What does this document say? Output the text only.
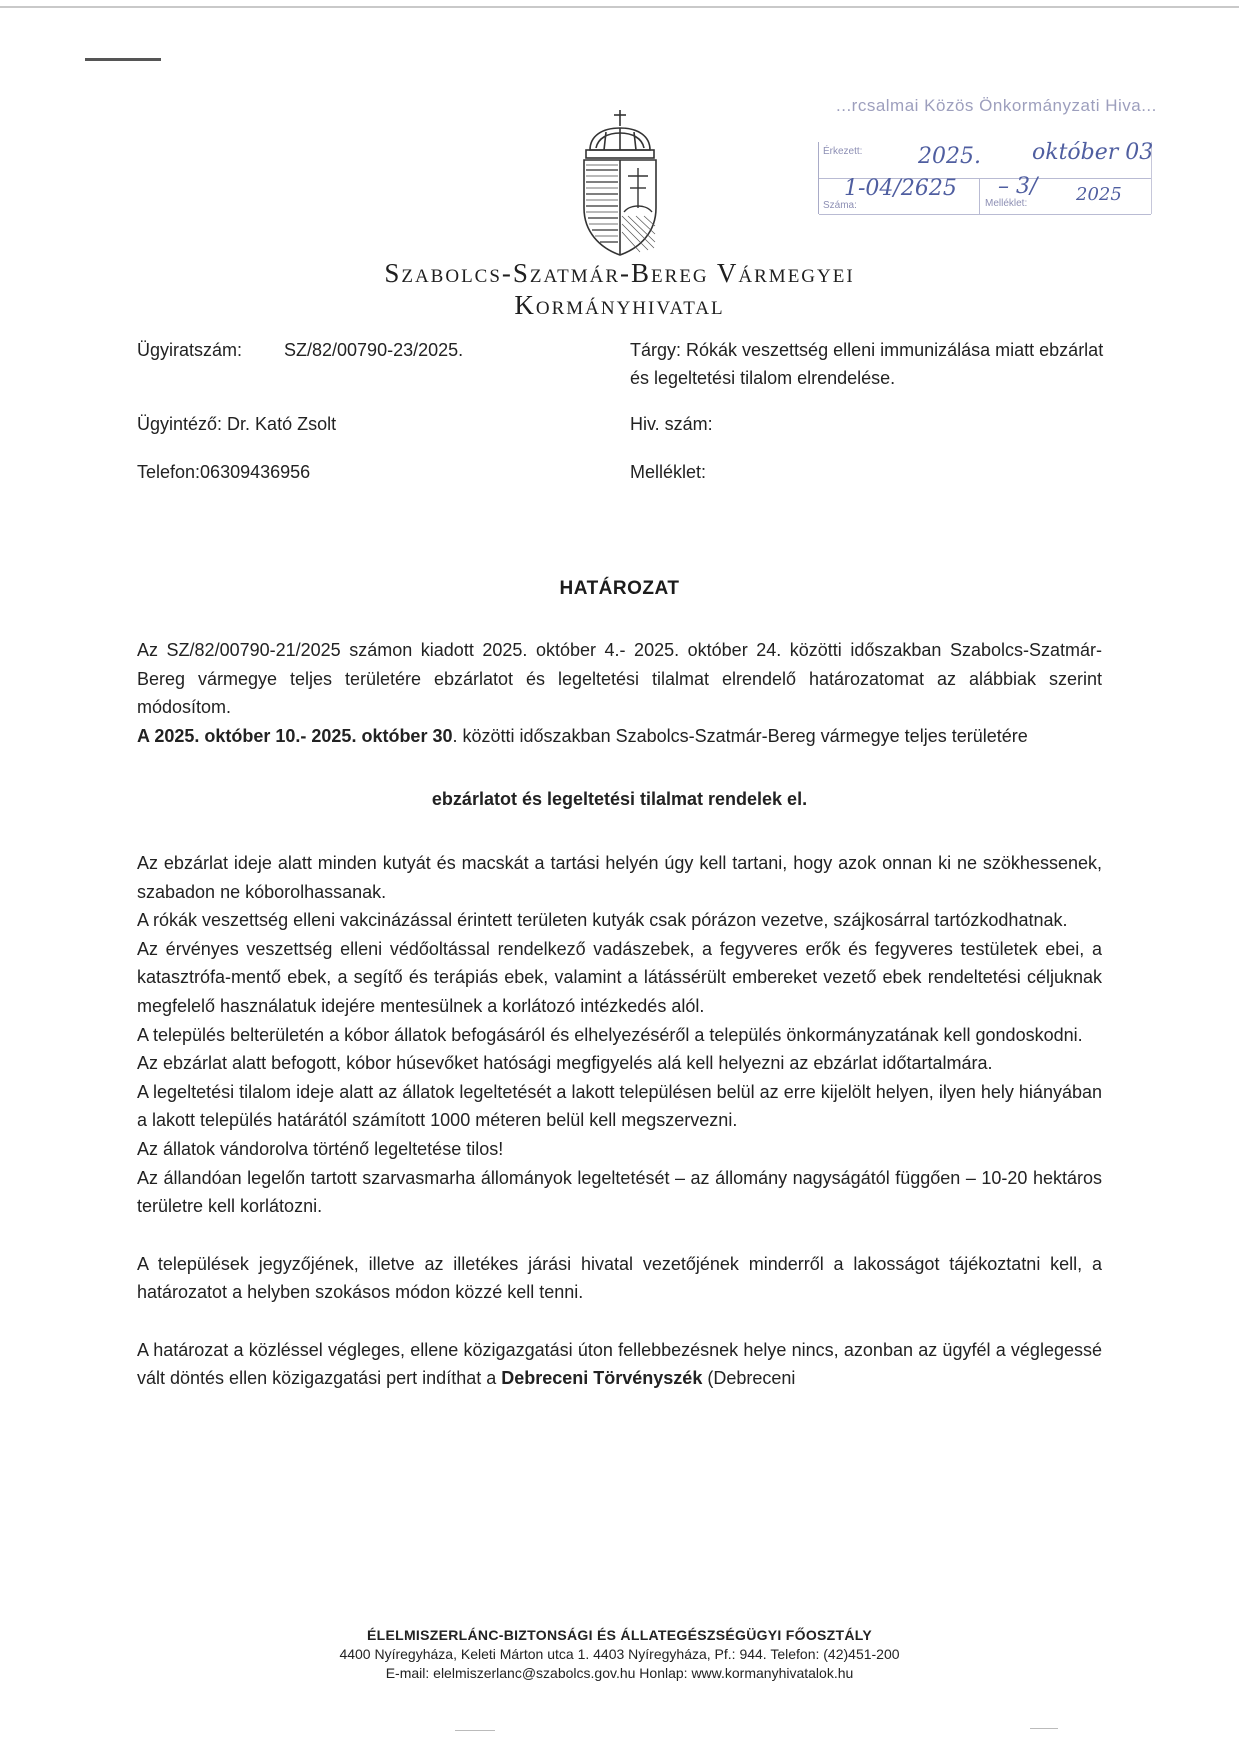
...rcsalmai Közös Önkormányzati Hiva...
Érkezett:
Száma:	Melléklet:
2025. október 03
1-04/2625 – 3/ 2025
Szabolcs-Szatmár-Bereg Vármegyei
Kormányhivatal
Ügyiratszám: SZ/82/00790-23/2025.
Ügyintéző: Dr. Kató Zsolt
Telefon:06309436956
Tárgy: Rókák veszettség elleni immunizálása miatt ebzárlat és legeltetési tilalom elrendelése.
Hiv. szám:
Melléklet:
HATÁROZAT

Az SZ/82/00790-21/2025 számon kiadott 2025. október 4.- 2025. október 24. közötti időszakban Szabolcs-Szatmár-Bereg vármegye teljes területére ebzárlatot és legeltetési tilalmat elrendelő határozatomat az alábbiak szerint módosítom.

A 2025. október 10.- 2025. október 30. közötti időszakban Szabolcs-Szatmár-Bereg vármegye teljes területére

ebzárlatot és legeltetési tilalmat rendelek el.

Az ebzárlat ideje alatt minden kutyát és macskát a tartási helyén úgy kell tartani, hogy azok onnan ki ne szökhessenek, szabadon ne kóborolhassanak.

A rókák veszettség elleni vakcinázással érintett területen kutyák csak pórázon vezetve, szájkosárral tartózkodhatnak.

Az érvényes veszettség elleni védőoltással rendelkező vadászebek, a fegyveres erők és fegyveres testületek ebei, a katasztrófa-mentő ebek, a segítő és terápiás ebek, valamint a látássérült embereket vezető ebek rendeltetési céljuknak megfelelő használatuk idejére mentesülnek a korlátozó intézkedés alól.

A település belterületén a kóbor állatok befogásáról és elhelyezéséről a település önkormányzatának kell gondoskodni.

Az ebzárlat alatt befogott, kóbor húsevőket hatósági megfigyelés alá kell helyezni az ebzárlat időtartalmára.

A legeltetési tilalom ideje alatt az állatok legeltetését a lakott településen belül az erre kijelölt helyen, ilyen hely hiányában a lakott település határától számított 1000 méteren belül kell megszervezni.

Az állatok vándorolva történő legeltetése tilos!

Az állandóan legelőn tartott szarvasmarha állományok legeltetését – az állomány nagyságától függően – 10-20 hektáros területre kell korlátozni.

A települések jegyzőjének, illetve az illetékes járási hivatal vezetőjének minderről a lakosságot tájékoztatni kell, a határozatot a helyben szokásos módon közzé kell tenni.

A határozat a közléssel végleges, ellene közigazgatási úton fellebbezésnek helye nincs, azonban az ügyfél a véglegessé vált döntés ellen közigazgatási pert indíthat a Debreceni Törvényszék (Debreceni

ÉLELMISZERLÁNC-BIZTONSÁGI ÉS ÁLLATEGÉSZSÉGÜGYI FŐOSZTÁLY
4400 Nyíregyháza, Keleti Márton utca 1. 4403 Nyíregyháza, Pf.: 944. Telefon: (42)451-200
E-mail: elelmiszerlanc@szabolcs.gov.hu Honlap: www.kormanyhivatalok.hu
